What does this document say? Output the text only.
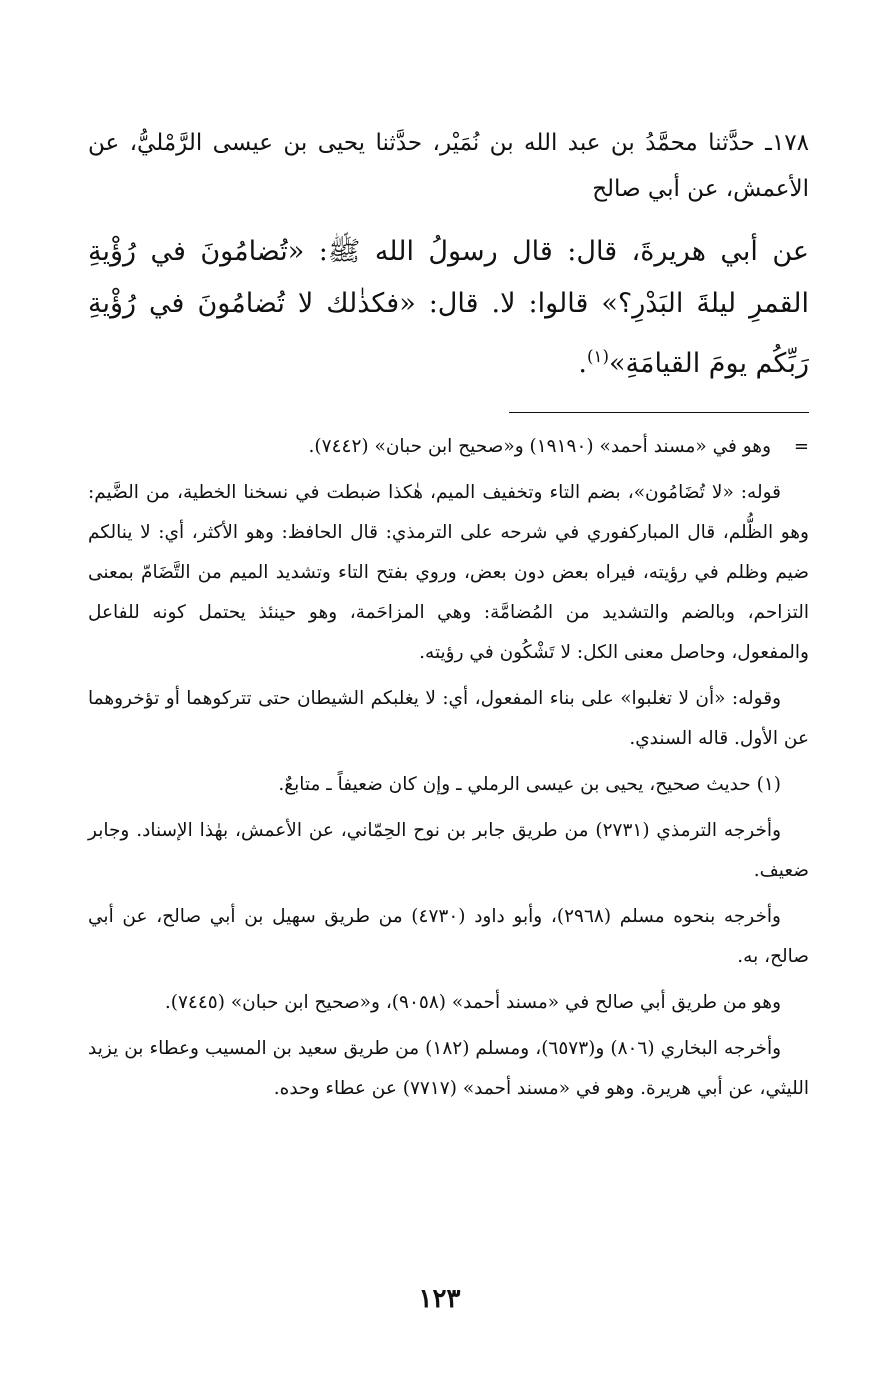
١٧٨ـ حدَّثنا محمَّدُ بن عبد الله بن نُمَيْر، حدَّثنا يحيى بن عيسى الرَّمْليُّ، عن الأعمش، عن أبي صالح

عن أبي هريرةَ، قال: قال رسولُ الله ﷺ: «تُضامُونَ في رُؤْيةِ القمرِ ليلةَ البَدْرِ؟» قالوا: لا. قال: «فكذٰلك لا تُضامُونَ في رُؤْيةِ رَبِّكُم يومَ القيامَةِ»$^{(١)}$.

=
وهو في «مسند أحمد» (١٩١٩٠) و«صحيح ابن حبان» (٧٤٤٢).

قوله: «لا تُضَامُون»، بضم التاء وتخفيف الميم، هٰكذا ضبطت في نسخنا الخطية، من الضَّيم: وهو الظُّلم، قال المباركفوري في شرحه على الترمذي: قال الحافظ: وهو الأكثر، أي: لا ينالكم ضيم وظلم في رؤيته، فيراه بعض دون بعض، وروي بفتح التاء وتشديد الميم من التَّضَامّ بمعنى التزاحم، وبالضم والتشديد من المُضامَّة: وهي المزاحَمة، وهو حينئذ يحتمل كونه للفاعل والمفعول، وحاصل معنى الكل: لا تَشْكُون في رؤيته.

وقوله: «أن لا تغلبوا» على بناء المفعول، أي: لا يغلبكم الشيطان حتى تتركوهما أو تؤخروهما عن الأول. قاله السندي.

(١) حديث صحيح، يحيى بن عيسى الرملي ـ وإن كان ضعيفاً ـ متابعٌ.

وأخرجه الترمذي (٢٧٣١) من طريق جابر بن نوح الحِمّاني، عن الأعمش، بهٰذا الإسناد. وجابر ضعيف.

وأخرجه بنحوه مسلم (٢٩٦٨)، وأبو داود (٤٧٣٠) من طريق سهيل بن أبي صالح، عن أبي صالح، به.

وهو من طريق أبي صالح في «مسند أحمد» (٩٠٥٨)، و«صحيح ابن حبان» (٧٤٤٥).

وأخرجه البخاري (٨٠٦) و(٦٥٧٣)، ومسلم (١٨٢) من طريق سعيد بن المسيب وعطاء بن يزيد الليثي، عن أبي هريرة. وهو في «مسند أحمد» (٧٧١٧) عن عطاء وحده.

١٢٣
